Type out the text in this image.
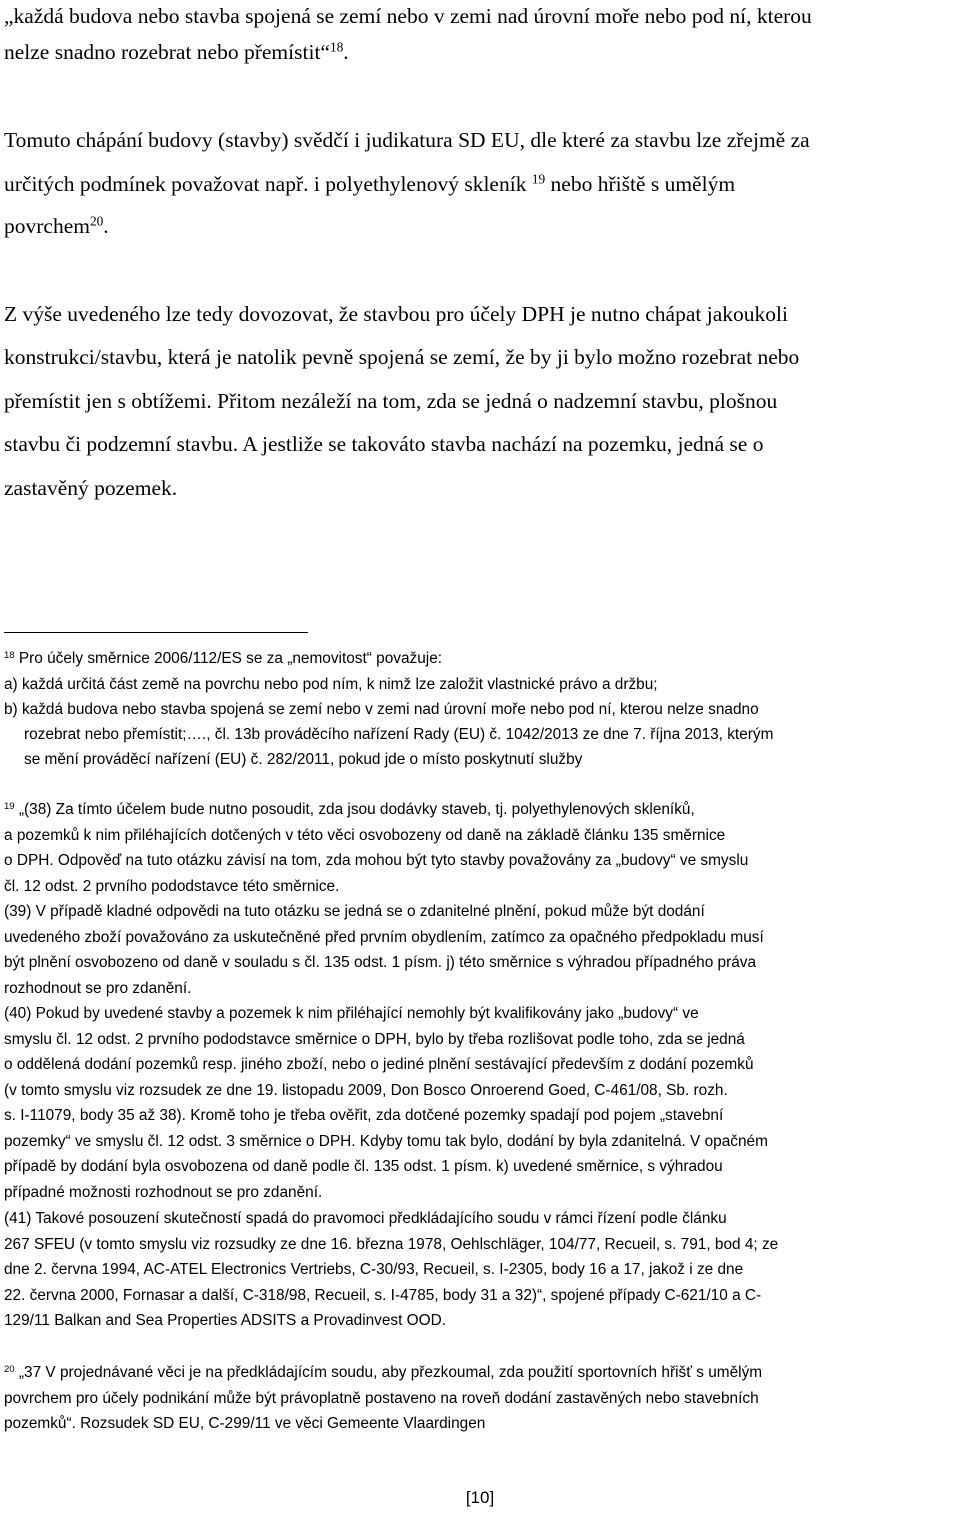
„každá budova nebo stavba spojená se zemí nebo v zemi nad úrovní moře nebo pod ní, kterou
nelze snadno rozebrat nebo přemístit“$^{18}$.
Tomuto chápání budovy (stavby) svědčí i judikatura SD EU, dle které za stavbu lze zřejmě za
určitých podmínek považovat např. i polyethylenový skleník $^{19}$ nebo hřiště s umělým
povrchem$^{20}$.
Z výše uvedeného lze tedy dovozovat, že stavbou pro účely DPH je nutno chápat jakoukoli
konstrukci/stavbu, která je natolik pevně spojená se zemí, že by ji bylo možno rozebrat nebo
přemístit jen s obtížemi. Přitom nezáleží na tom, zda se jedná o nadzemní stavbu, plošnou
stavbu či podzemní stavbu. A jestliže se takováto stavba nachází na pozemku, jedná se o
zastavěný pozemek.
$^{18}$ Pro účely směrnice 2006/112/ES se za „nemovitost“ považuje:
a) každá určitá část země na povrchu nebo pod ním, k nimž lze založit vlastnické právo a držbu;
b) každá budova nebo stavba spojená se zemí nebo v zemi nad úrovní moře nebo pod ní, kterou nelze snadno
rozebrat nebo přemístit;…., čl. 13b prováděcího nařízení Rady (EU) č. 1042/2013 ze dne 7. října 2013, kterým
se mění prováděcí nařízení (EU) č. 282/2011, pokud jde o místo poskytnutí služby
$^{19}$ „(38) Za tímto účelem bude nutno posoudit, zda jsou dodávky staveb, tj. polyethylenových skleníků,
a pozemků k nim přiléhajících dotčených v této věci osvobozeny od daně na základě článku 135 směrnice
o DPH. Odpověď na tuto otázku závisí na tom, zda mohou být tyto stavby považovány za „budovy“ ve smyslu
čl. 12 odst. 2 prvního pododstavce této směrnice.
(39) V případě kladné odpovědi na tuto otázku se jedná se o zdanitelné plnění, pokud může být dodání
uvedeného zboží považováno za uskutečněné před prvním obydlením, zatímco za opačného předpokladu musí
být plnění osvobozeno od daně v souladu s čl. 135 odst. 1 písm. j) této směrnice s výhradou případného práva
rozhodnout se pro zdanění.
(40) Pokud by uvedené stavby a pozemek k nim přiléhající nemohly být kvalifikovány jako „budovy“ ve
smyslu čl. 12 odst. 2 prvního pododstavce směrnice o DPH, bylo by třeba rozlišovat podle toho, zda se jedná
o oddělená dodání pozemků resp. jiného zboží, nebo o jediné plnění sestávající především z dodání pozemků
(v tomto smyslu viz rozsudek ze dne 19. listopadu 2009, Don Bosco Onroerend Goed, C-461/08, Sb. rozh.
s. I-11079, body 35 až 38). Kromě toho je třeba ověřit, zda dotčené pozemky spadají pod pojem „stavební
pozemky“ ve smyslu čl. 12 odst. 3 směrnice o DPH. Kdyby tomu tak bylo, dodání by byla zdanitelná. V opačném
případě by dodání byla osvobozena od daně podle čl. 135 odst. 1 písm. k) uvedené směrnice, s výhradou
případné možnosti rozhodnout se pro zdanění.
(41) Takové posouzení skutečností spadá do pravomoci předkládajícího soudu v rámci řízení podle článku
267 SFEU (v tomto smyslu viz rozsudky ze dne 16. března 1978, Oehlschläger, 104/77, Recueil, s. 791, bod 4; ze
dne 2. června 1994, AC-ATEL Electronics Vertriebs, C-30/93, Recueil, s. I-2305, body 16 a 17, jakož i ze dne
22. června 2000, Fornasar a další, C-318/98, Recueil, s. I-4785, body 31 a 32)“, spojené případy C-621/10 a C-
129/11 Balkan and Sea Properties ADSITS a Provadinvest OOD.
$^{20}$ „37 V projednávané věci je na předkládajícím soudu, aby přezkoumal, zda použití sportovních hřišť s umělým
povrchem pro účely podnikání může být právoplatně postaveno na roveň dodání zastavěných nebo stavebních
pozemků“. Rozsudek SD EU, C-299/11 ve věci Gemeente Vlaardingen
[10]
